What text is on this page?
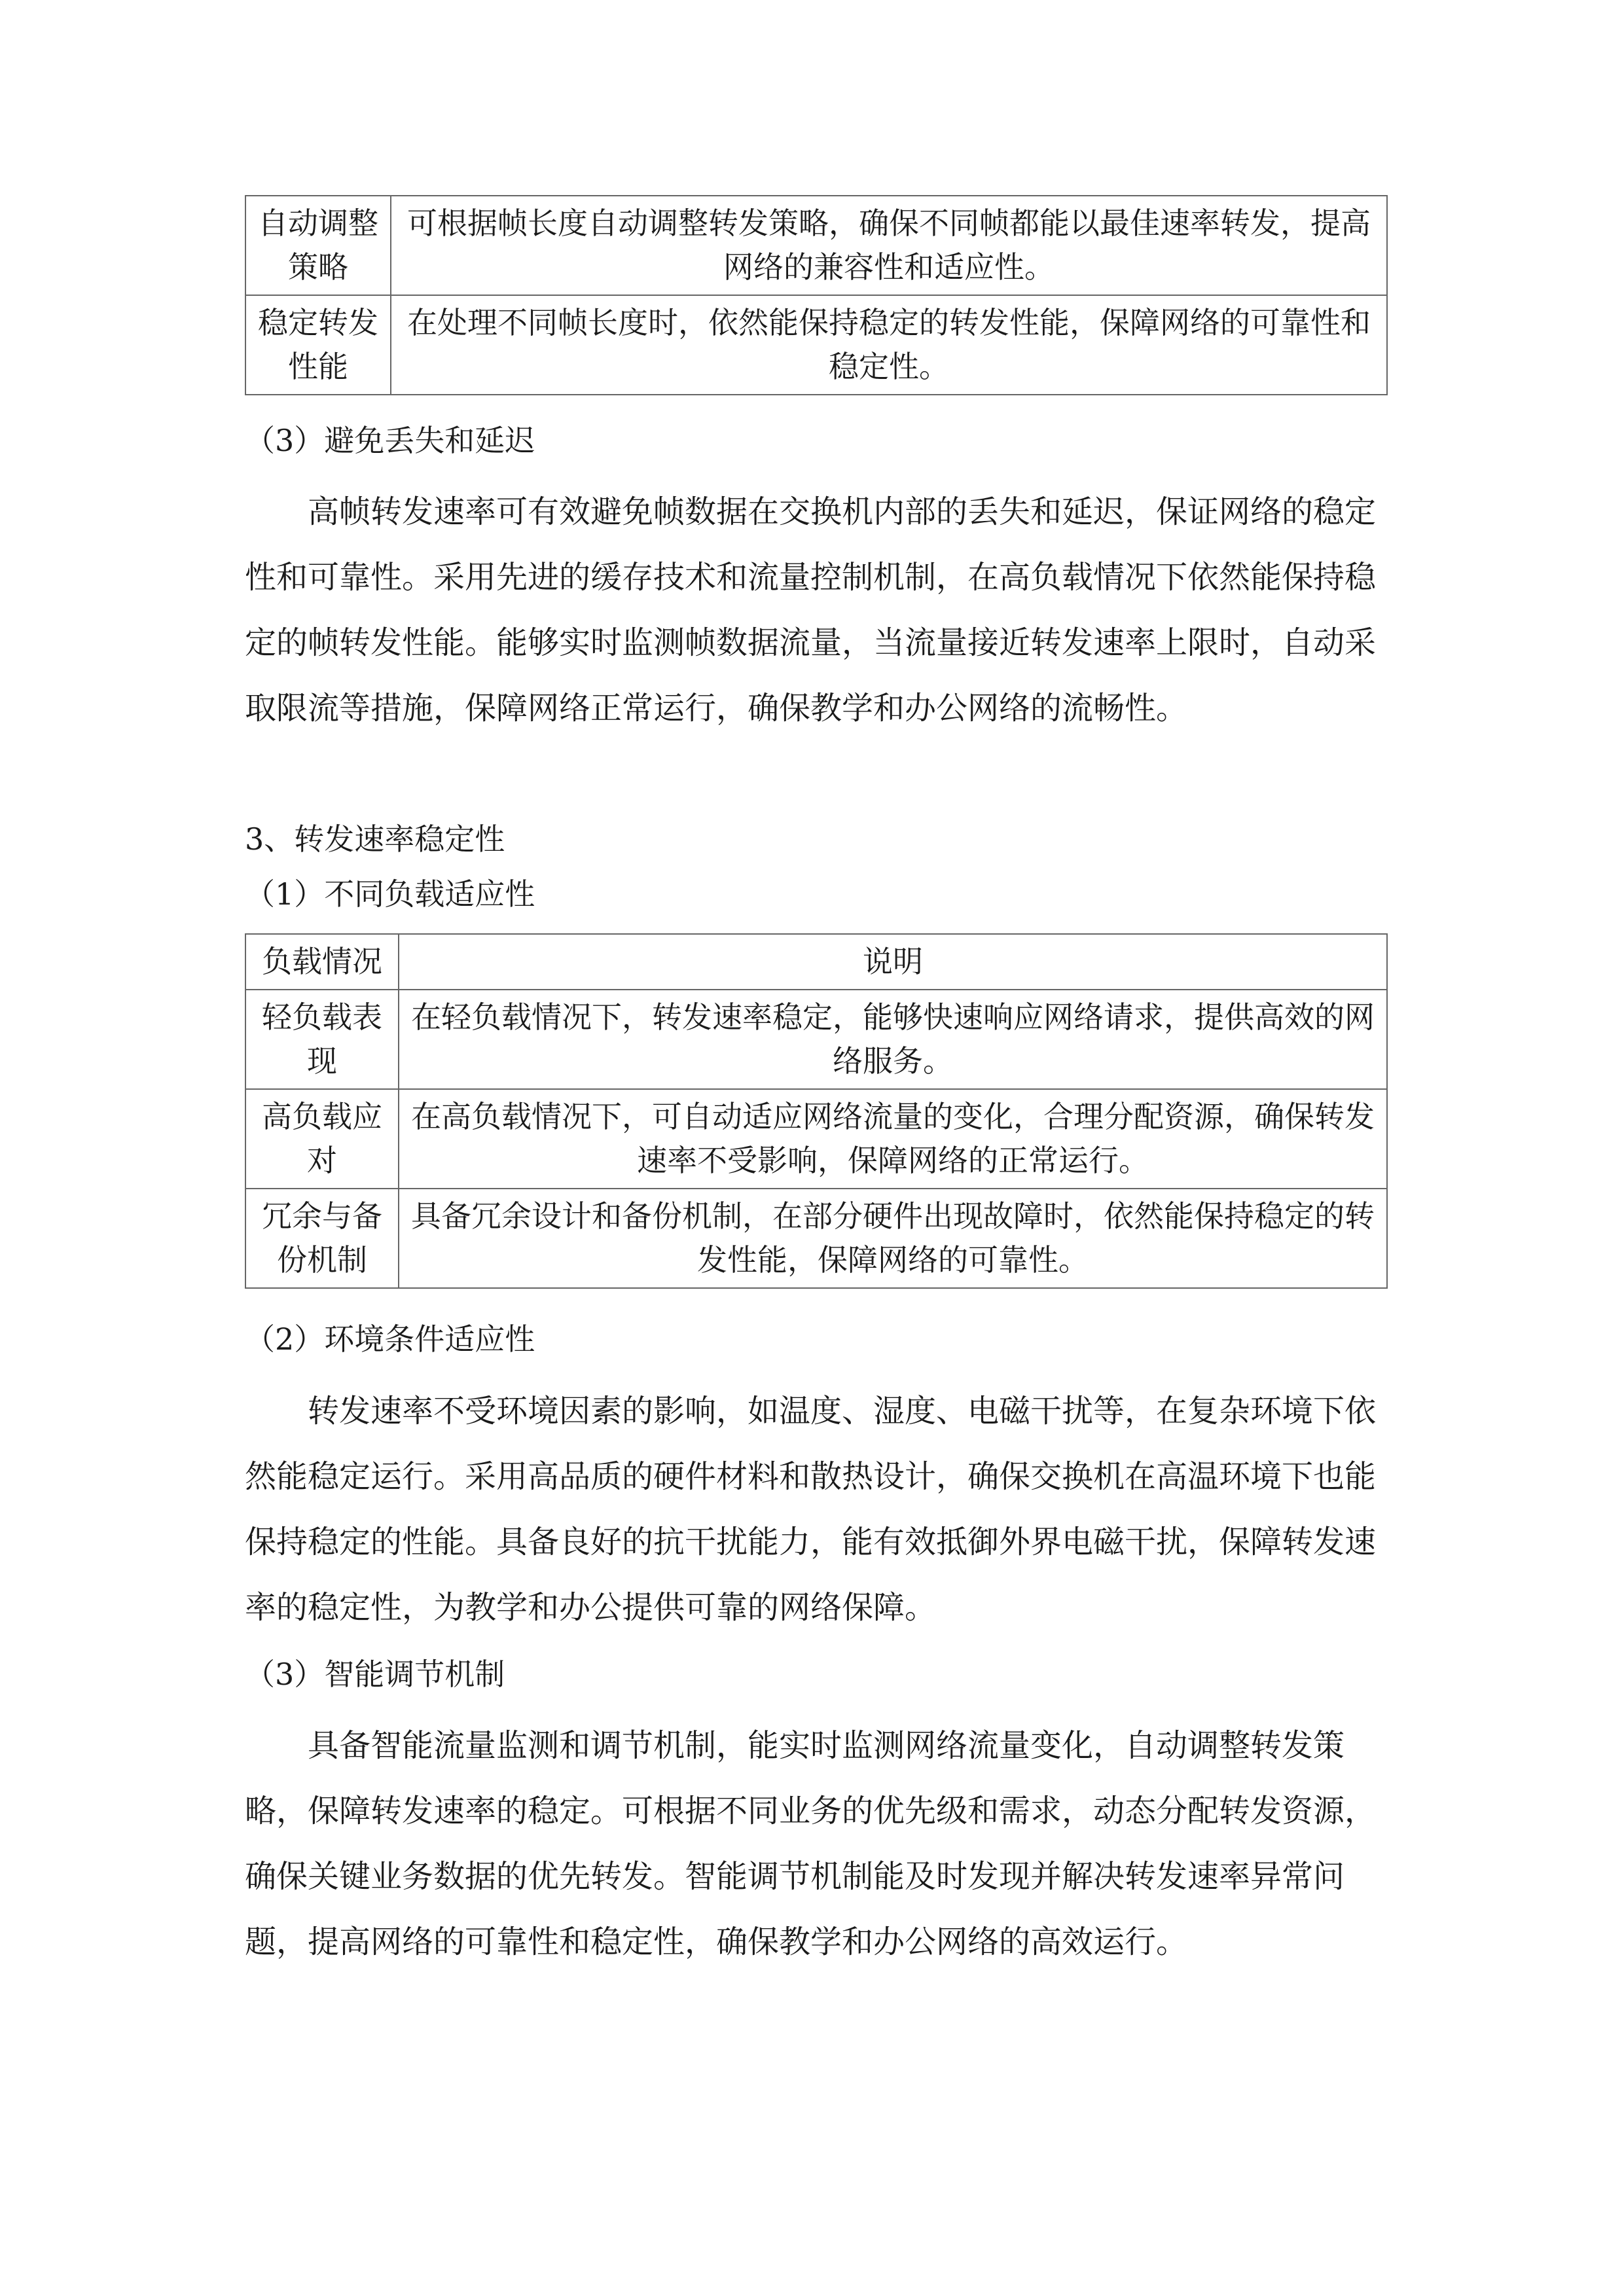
自动调整策略	可根据帧长度自动调整转发策略，确保不同帧都能以最佳速率转发，提高网络的兼容性和适应性。
稳定转发性能	在处理不同帧长度时，依然能保持稳定的转发性能，保障网络的可靠性和稳定性。
（3）避免丢失和延迟
高帧转发速率可有效避免帧数据在交换机内部的丢失和延迟，保证网络的稳定性和可靠性。采用先进的缓存技术和流量控制机制，在高负载情况下依然能保持稳定的帧转发性能。能够实时监测帧数据流量，当流量接近转发速率上限时，自动采取限流等措施，保障网络正常运行，确保教学和办公网络的流畅性。
3、转发速率稳定性
（1）不同负载适应性
负载情况	说明
轻负载表现	在轻负载情况下，转发速率稳定，能够快速响应网络请求，提供高效的网络服务。
高负载应对	在高负载情况下，可自动适应网络流量的变化，合理分配资源，确保转发速率不受影响，保障网络的正常运行。
冗余与备份机制	具备冗余设计和备份机制，在部分硬件出现故障时，依然能保持稳定的转发性能，保障网络的可靠性。
（2）环境条件适应性
转发速率不受环境因素的影响，如温度、湿度、电磁干扰等，在复杂环境下依然能稳定运行。采用高品质的硬件材料和散热设计，确保交换机在高温环境下也能保持稳定的性能。具备良好的抗干扰能力，能有效抵御外界电磁干扰，保障转发速率的稳定性，为教学和办公提供可靠的网络保障。
（3）智能调节机制
具备智能流量监测和调节机制，能实时监测网络流量变化，自动调整转发策略，保障转发速率的稳定。可根据不同业务的优先级和需求，动态分配转发资源，确保关键业务数据的优先转发。智能调节机制能及时发现并解决转发速率异常问题，提高网络的可靠性和稳定性，确保教学和办公网络的高效运行。
